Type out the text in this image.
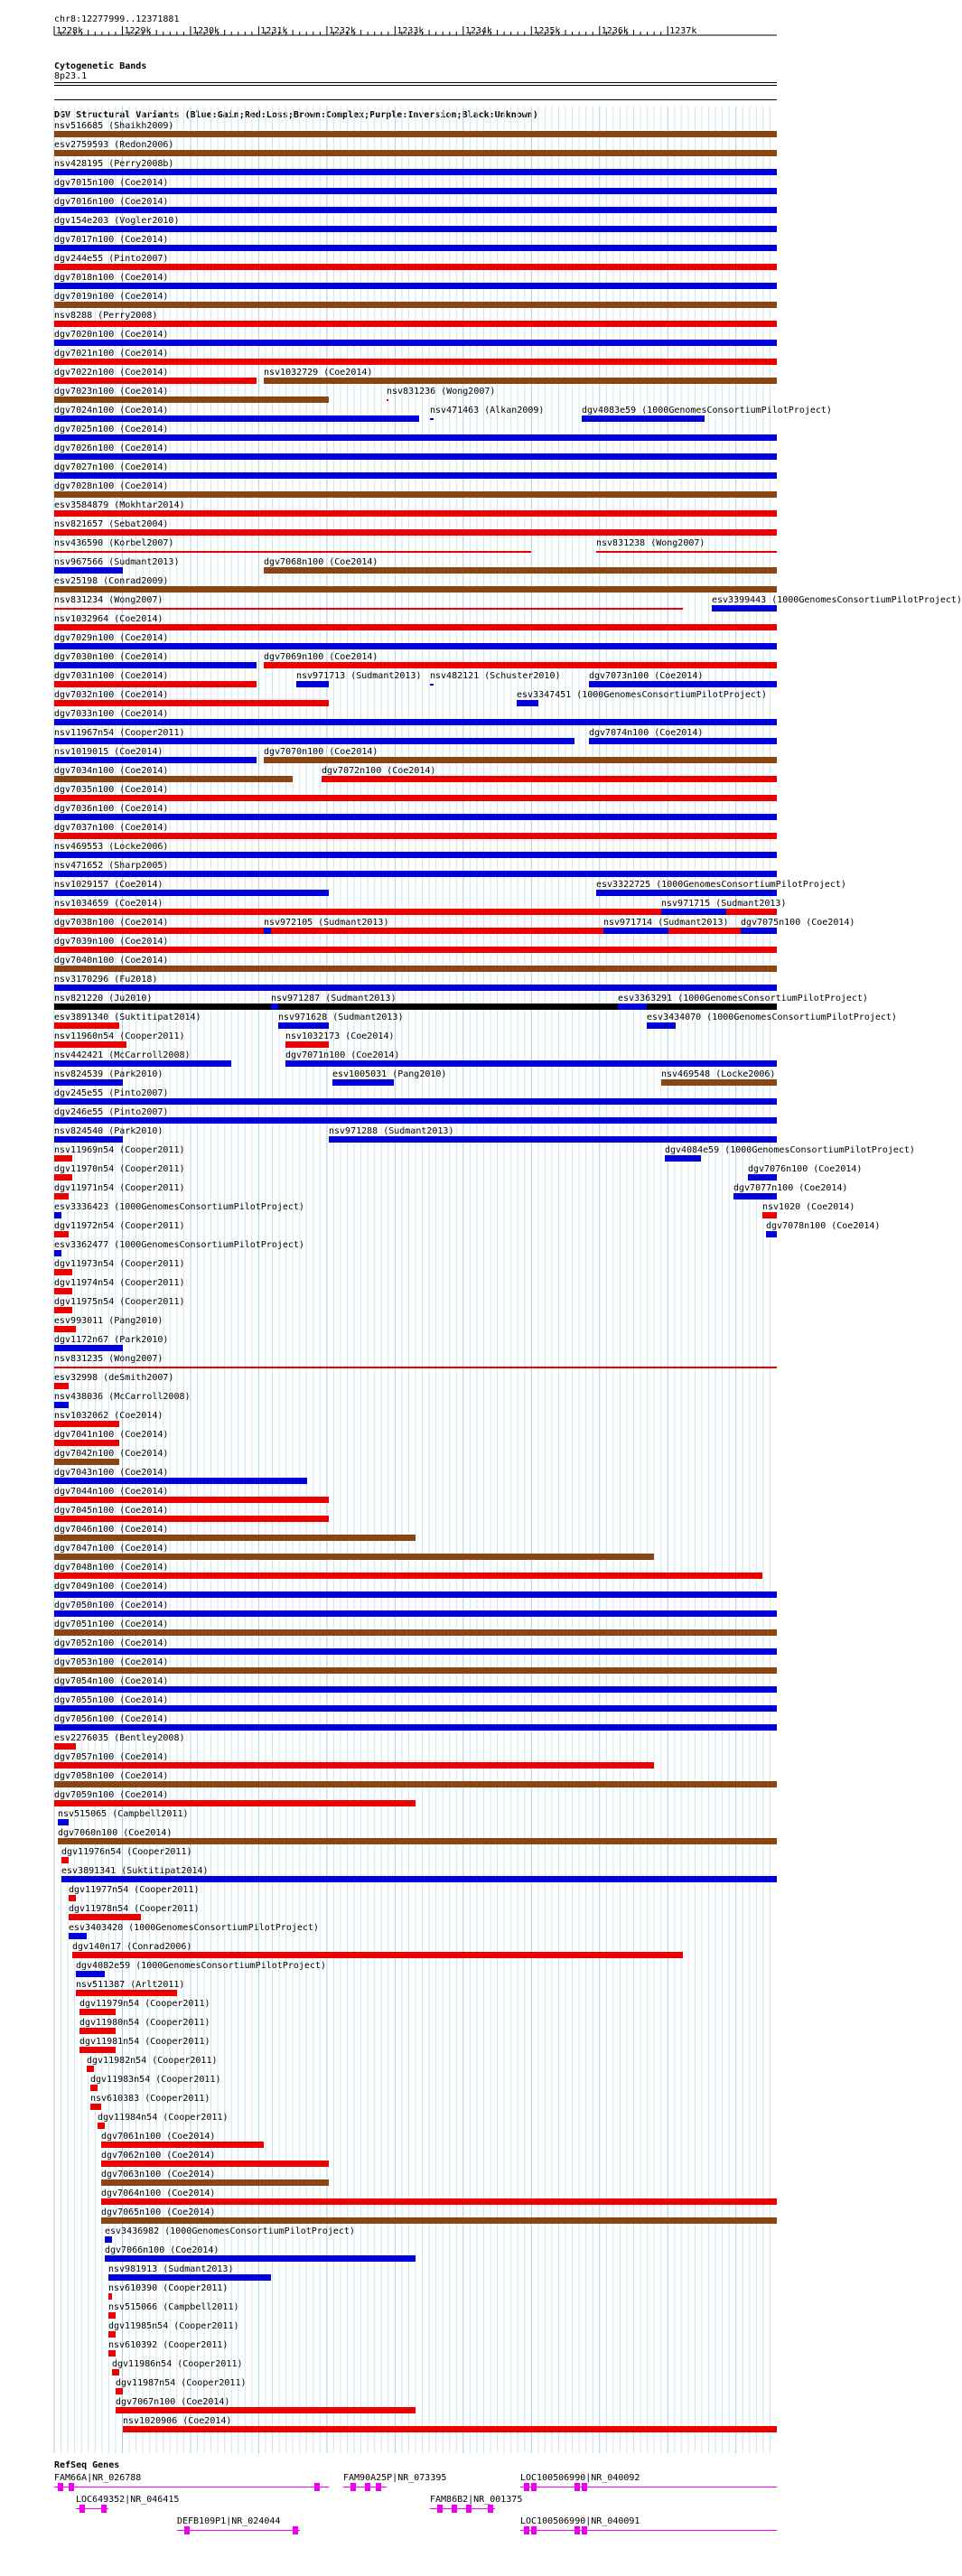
chr8:12277999..12371881
1228k	1229k	1230k	1231k	1232k	1233k	1234k	1235k	1236k	1237k
Cytogenetic Bands
8p23.1
DGV Structural Variants (Blue:Gain;Red:Loss;Brown:Complex;Purple:Inversion;Black:Unknown)
nsv516685 (Shaikh2009)
esv2759593 (Redon2006)
nsv428195 (Perry2008b)
dgv7015n100 (Coe2014)
dgv7016n100 (Coe2014)
dgv154e203 (Vogler2010)
dgv7017n100 (Coe2014)
dgv244e55 (Pinto2007)
dgv7018n100 (Coe2014)
dgv7019n100 (Coe2014)
nsv8288 (Perry2008)
dgv7020n100 (Coe2014)
dgv7021n100 (Coe2014)
dgv7022n100 (Coe2014)	nsv1032729 (Coe2014)
dgv7023n100 (Coe2014)	nsv831236 (Wong2007)
dgv7024n100 (Coe2014)	nsv471463 (Alkan2009)	dgv4083e59 (1000GenomesConsortiumPilotProject)
dgv7025n100 (Coe2014)
dgv7026n100 (Coe2014)
dgv7027n100 (Coe2014)
dgv7028n100 (Coe2014)
esv3584879 (Mokhtar2014)
nsv821657 (Sebat2004)
nsv436590 (Korbel2007)	nsv831238 (Wong2007)
nsv967566 (Sudmant2013)	dgv7068n100 (Coe2014)
esv25198 (Conrad2009)
nsv831234 (Wong2007)	esv3399443 (1000GenomesConsortiumPilotProject)
nsv1032964 (Coe2014)
dgv7029n100 (Coe2014)
dgv7030n100 (Coe2014)	dgv7069n100 (Coe2014)
dgv7031n100 (Coe2014)	nsv971713 (Sudmant2013) nsv482121 (Schuster2010)	dgv7073n100 (Coe2014)
dgv7032n100 (Coe2014)	esv3347451 (1000GenomesConsortiumPilotProject)
dgv7033n100 (Coe2014)
nsv11967n54 (Cooper2011)	dgv7074n100 (Coe2014)
nsv1019015 (Coe2014)	dgv7070n100 (Coe2014)
dgv7034n100 (Coe2014)	dgv7072n100 (Coe2014)
dgv7035n100 (Coe2014)
dgv7036n100 (Coe2014)
dgv7037n100 (Coe2014)
nsv469553 (Locke2006)
nsv471652 (Sharp2005)
nsv1029157 (Coe2014)	esv3322725 (1000GenomesConsortiumPilotProject)
nsv1034659 (Coe2014)	nsv971715 (Sudmant2013)
dgv7038n100 (Coe2014)	nsv972105 (Sudmant2013)	nsv971714 (Sudmant2013) dgv7075n100 (Coe2014)
dgv7039n100 (Coe2014)
dgv7040n100 (Coe2014)
nsv3170296 (Fu2018)
nsv821220 (Ju2010)	nsv971287 (Sudmant2013)	esv3363291 (1000GenomesConsortiumPilotProject)
esv3891340 (Suktitipat2014)	nsv971628 (Sudmant2013)	esv3434070 (1000GenomesConsortiumPilotProject)
nsv11960n54 (Cooper2011)	nsv1032173 (Coe2014)
nsv442421 (McCarroll2008)	dgv7071n100 (Coe2014)
nsv824539 (Park2010)	esv1005031 (Pang2010)	nsv469548 (Locke2006)
dgv245e55 (Pinto2007)
dgv246e55 (Pinto2007)
nsv824540 (Park2010)	nsv971288 (Sudmant2013)
nsv11969n54 (Cooper2011)	dgv4084e59 (1000GenomesConsortiumPilotProject)
dgv11970n54 (Cooper2011)	dgv7076n100 (Coe2014)
dgv11971n54 (Cooper2011)	dgv7077n100 (Coe2014)
esv3336423 (1000GenomesConsortiumPilotProject)	nsv1020 (Coe2014)
dgv11972n54 (Cooper2011)	dgv7078n100 (Coe2014)
esv3362477 (1000GenomesConsortiumPilotProject)
dgv11973n54 (Cooper2011)
dgv11974n54 (Cooper2011)
dgv11975n54 (Cooper2011)
esv993011 (Pang2010)
dgv1172n67 (Park2010)
nsv831235 (Wong2007)
esv32998 (deSmith2007)
nsv438036 (McCarroll2008)
nsv1032062 (Coe2014)
dgv7041n100 (Coe2014)
dgv7042n100 (Coe2014)
dgv7043n100 (Coe2014)
dgv7044n100 (Coe2014)
dgv7045n100 (Coe2014)
dgv7046n100 (Coe2014)
dgv7047n100 (Coe2014)
dgv7048n100 (Coe2014)
dgv7049n100 (Coe2014)
dgv7050n100 (Coe2014)
dgv7051n100 (Coe2014)
dgv7052n100 (Coe2014)
dgv7053n100 (Coe2014)
dgv7054n100 (Coe2014)
dgv7055n100 (Coe2014)
dgv7056n100 (Coe2014)
esv2276035 (Bentley2008)
dgv7057n100 (Coe2014)
dgv7058n100 (Coe2014)
dgv7059n100 (Coe2014)
nsv515065 (Campbell2011)
dgv7060n100 (Coe2014)
dgv11976n54 (Cooper2011)
esv3891341 (Suktitipat2014)
dgv11977n54 (Cooper2011)
dgv11978n54 (Cooper2011)
esv3403420 (1000GenomesConsortiumPilotProject)
dgv140n17 (Conrad2006)
dgv4082e59 (1000GenomesConsortiumPilotProject)
nsv511387 (Arlt2011)
dgv11979n54 (Cooper2011)
dgv11980n54 (Cooper2011)
dgv11981n54 (Cooper2011)
dgv11982n54 (Cooper2011)
dgv11983n54 (Cooper2011)
nsv610383 (Cooper2011)
dgv11984n54 (Cooper2011)
dgv7061n100 (Coe2014)
dgv7062n100 (Coe2014)
dgv7063n100 (Coe2014)
dgv7064n100 (Coe2014)
dgv7065n100 (Coe2014)
esv3436982 (1000GenomesConsortiumPilotProject)
dgv7066n100 (Coe2014)
nsv981913 (Sudmant2013)
nsv610390 (Cooper2011)
nsv515066 (Campbell2011)
dgv11985n54 (Cooper2011)
nsv610392 (Cooper2011)
dgv11986n54 (Cooper2011)
dgv11987n54 (Cooper2011)
dgv7067n100 (Coe2014)
nsv1020906 (Coe2014)
RefSeq Genes
FAM66A|NR_026788	FAM90A25P|NR_073395	LOC100506990|NR_040092
LOC649352|NR_046415	FAM86B2|NR_001375
DEFB109P1|NR_024044	LOC100506990|NR_040091
